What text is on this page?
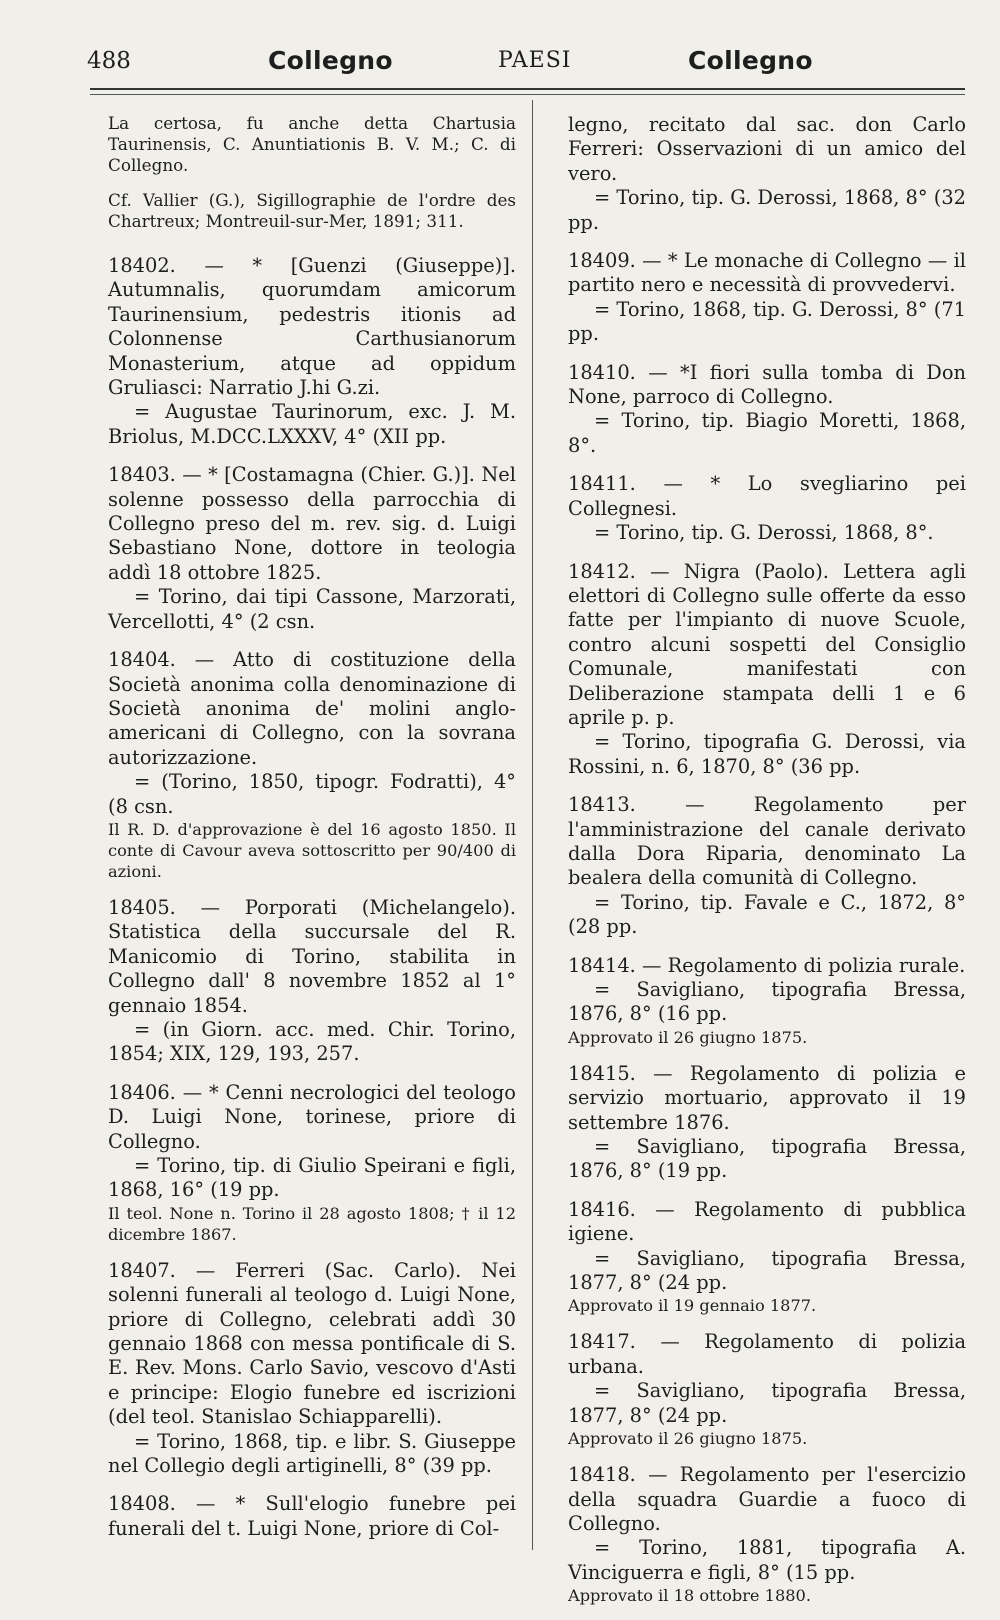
488	Collegno	PAESI	Collegno
La certosa, fu anche detta Chartusia Taurinensis, C. Anuntiationis B. V. M.; C. di Collegno.
Cf. Vallier (G.), Sigillographie de l'ordre des Chartreux; Montreuil-sur-Mer, 1891; 311.

18402. — * [Guenzi (Giuseppe)]. Autumnalis, quorumdam amicorum Taurinensium, pedestris itionis ad Colonnense Carthusianorum Monasterium, atque ad oppidum Gruliasci: Narratio J.hi G.zi.

= Augustae Taurinorum, exc. J. M. Briolus, M.DCC.LXXXV, 4° (XII pp.

18403. — * [Costamagna (Chier. G.)]. Nel solenne possesso della parrocchia di Collegno preso del m. rev. sig. d. Luigi Sebastiano None, dottore in teologia addì 18 ottobre 1825.

= Torino, dai tipi Cassone, Marzorati, Vercellotti, 4° (2 csn.

18404. — Atto di costituzione della Società anonima colla denominazione di Società anonima de' molini anglo-americani di Collegno, con la sovrana autorizzazione.

= (Torino, 1850, tipogr. Fodratti), 4° (8 csn.

Il R. D. d'approvazione è del 16 agosto 1850. Il conte di Cavour aveva sottoscritto per 90/400 di azioni.

18405. — Porporati (Michelangelo). Statistica della succursale del R. Manicomio di Torino, stabilita in Collegno dall' 8 novembre 1852 al 1° gennaio 1854.

= (in Giorn. acc. med. Chir. Torino, 1854; XIX, 129, 193, 257.

18406. — * Cenni necrologici del teologo D. Luigi None, torinese, priore di Collegno.

= Torino, tip. di Giulio Speirani e figli, 1868, 16° (19 pp.

Il teol. None n. Torino il 28 agosto 1808; † il 12 dicembre 1867.

18407. — Ferreri (Sac. Carlo). Nei solenni funerali al teologo d. Luigi None, priore di Collegno, celebrati addì 30 gennaio 1868 con messa pontificale di S. E. Rev. Mons. Carlo Savio, vescovo d'Asti e principe: Elogio funebre ed iscrizioni (del teol. Stanislao Schiapparelli).

= Torino, 1868, tip. e libr. S. Giuseppe nel Collegio degli artiginelli, 8° (39 pp.

18408. — * Sull'elogio funebre pei funerali del t. Luigi None, priore di Col-

legno, recitato dal sac. don Carlo Ferreri: Osservazioni di un amico del vero.

= Torino, tip. G. Derossi, 1868, 8° (32 pp.

18409. — * Le monache di Collegno — il partito nero e necessità di provvedervi.

= Torino, 1868, tip. G. Derossi, 8° (71 pp.

18410. — *I fiori sulla tomba di Don None, parroco di Collegno.

= Torino, tip. Biagio Moretti, 1868, 8°.

18411. — * Lo svegliarino pei Collegnesi.

= Torino, tip. G. Derossi, 1868, 8°.

18412. — Nigra (Paolo). Lettera agli elettori di Collegno sulle offerte da esso fatte per l'impianto di nuove Scuole, contro alcuni sospetti del Consiglio Comunale, manifestati con Deliberazione stampata delli 1 e 6 aprile p. p.

= Torino, tipografia G. Derossi, via Rossini, n. 6, 1870, 8° (36 pp.

18413. — Regolamento per l'amministrazione del canale derivato dalla Dora Riparia, denominato La bealera della comunità di Collegno.

= Torino, tip. Favale e C., 1872, 8° (28 pp.

18414. — Regolamento di polizia rurale.

= Savigliano, tipografia Bressa, 1876, 8° (16 pp.

Approvato il 26 giugno 1875.

18415. — Regolamento di polizia e servizio mortuario, approvato il 19 settembre 1876.

= Savigliano, tipografia Bressa, 1876, 8° (19 pp.

18416. — Regolamento di pubblica igiene.

= Savigliano, tipografia Bressa, 1877, 8° (24 pp.

Approvato il 19 gennaio 1877.

18417. — Regolamento di polizia urbana.

= Savigliano, tipografia Bressa, 1877, 8° (24 pp.

Approvato il 26 giugno 1875.

18418. — Regolamento per l'esercizio della squadra Guardie a fuoco di Collegno.

= Torino, 1881, tipografia A. Vinciguerra e figli, 8° (15 pp.

Approvato il 18 ottobre 1880.
